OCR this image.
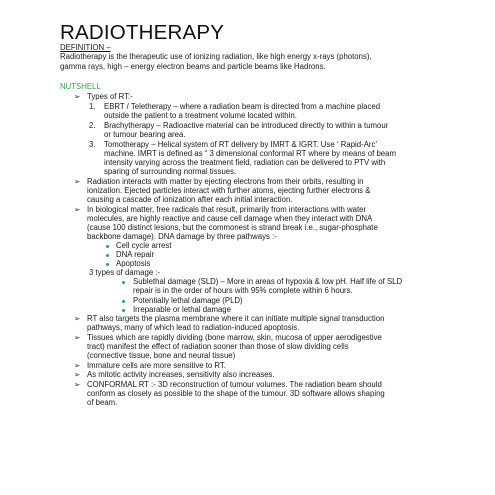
RADIOTHERAPY
DEFINITION –
Radiotherapy is the therapeutic use of ionizing radiation, like high energy x-rays (photons),
gamma rays, high – energy electron beams and particle beams like Hadrons.
NUTSHELL
➢ Types of RT:-
1. EBRT / Teletherapy – where a radiation beam is directed from a machine placed
outside the patient to a treatment volume located within.
2. Brachytherapy – Radioactive material can be introduced directly to within a tumour
or tumour bearing area.
3. Tomotherapy – Helical system of RT delivery by IMRT & IGRT. Use ‘ Rapid-Arc’
machine. IMRT is defined as “ 3 dimensional conformal RT where by means of beam
intensity varying across the treatment field, radiation can be delivered to PTV with
sparing of surrounding normal tissues.
➢ Radiation interacts with matter by ejecting electrons from their orbits, resulting in
ionization. Ejected particles interact with further atoms, ejecting further electrons &
causing a cascade of ionization after each initial interaction.
➢ In biological matter, free radicals that result, primarily from interactions with water
molecules, are highly reactive and cause cell damage when they interact with DNA
(cause 100 distinct lesions, but the commonest is strand break i.e., sugar-phosphate
backbone damage). DNA damage by three pathways :-
Cell cycle arrest
DNA repair
Apoptosis
3 types of damage :-
Sublethal damage (SLD) – More in areas of hypoxia & low pH. Half life of SLD
repair is in the order of hours with 95% complete within 6 hours.
Potentially lethal damage (PLD)
Irreparable or lethal damage
➢ RT also targets the plasma membrane where it can initiate multiple signal transduction
pathways, many of which lead to radiation-induced apoptosis.
➢ Tissues which are rapidly dividing (bone marrow, skin, mucosa of upper aerodigestive
tract) manifest the effect of radiation sooner than those of slow dividing cells
(connective tissue, bone and neural tissue)
➢ Immature cells are more sensitive to RT.
➢ As mitotic activity increases, sensitivity also increases.
➢ CONFORMAL RT :- 3D reconstruction of tumour volumes. The radiation beam should
conform as closely as possible to the shape of the tumour. 3D software allows shaping
of beam.
